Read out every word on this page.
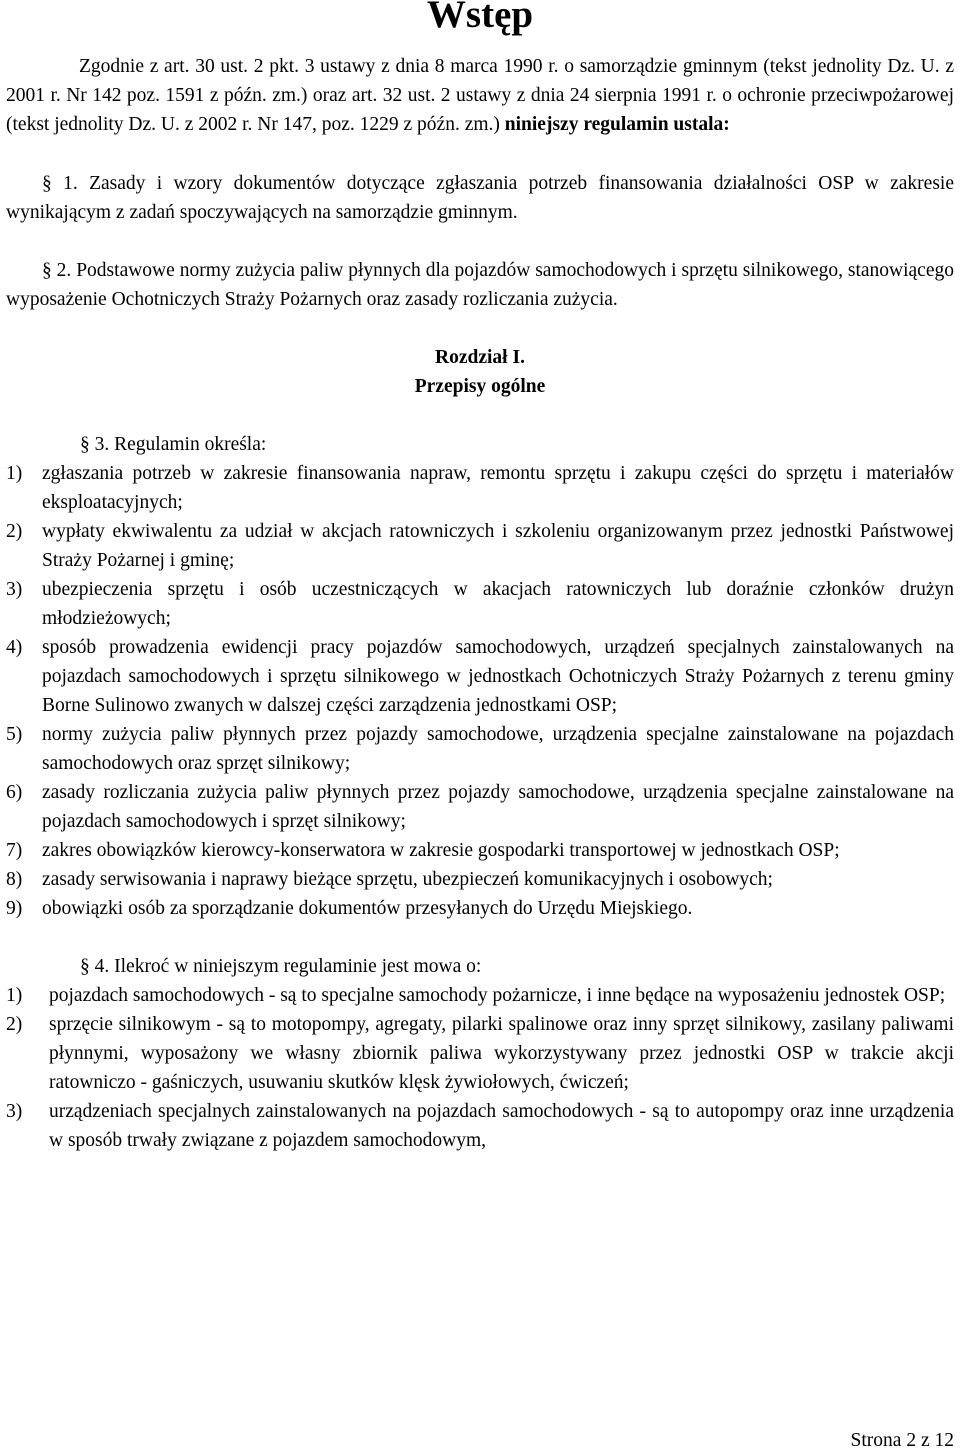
Wstęp

Zgodnie z art. 30 ust. 2 pkt. 3 ustawy z dnia 8 marca 1990 r. o samorządzie gminnym (tekst jednolity Dz. U. z 2001 r. Nr 142 poz. 1591 z późn. zm.) oraz art. 32 ust. 2 ustawy z dnia 24 sierpnia 1991 r. o ochronie przeciwpożarowej (tekst jednolity Dz. U. z 2002 r. Nr 147, poz. 1229 z późn. zm.) niniejszy regulamin ustala:

§ 1. Zasady i wzory dokumentów dotyczące zgłaszania potrzeb finansowania działalności OSP w zakresie wynikającym z zadań spoczywających na samorządzie gminnym.

§ 2. Podstawowe normy zużycia paliw płynnych dla pojazdów samochodowych i sprzętu silnikowego, stanowiącego wyposażenie Ochotniczych Straży Pożarnych oraz zasady rozliczania zużycia.

Rozdział I.
Przepisy ogólne

§ 3. Regulamin określa:

1)	zgłaszania potrzeb w zakresie finansowania napraw, remontu sprzętu i zakupu części do sprzętu i materiałów eksploatacyjnych;
2)	wypłaty ekwiwalentu za udział w akcjach ratowniczych i szkoleniu organizowanym przez jednostki Państwowej Straży Pożarnej i gminę;
3)	ubezpieczenia sprzętu i osób uczestniczących w akacjach ratowniczych lub doraźnie członków drużyn młodzieżowych;
4)	sposób prowadzenia ewidencji pracy pojazdów samochodowych, urządzeń specjalnych zainstalowanych na pojazdach samochodowych i sprzętu silnikowego w jednostkach Ochotniczych Straży Pożarnych z terenu gminy Borne Sulinowo zwanych w dalszej części zarządzenia jednostkami OSP;
5)	normy zużycia paliw płynnych przez pojazdy samochodowe, urządzenia specjalne zainstalowane na pojazdach samochodowych oraz sprzęt silnikowy;
6)	zasady rozliczania zużycia paliw płynnych przez pojazdy samochodowe, urządzenia specjalne zainstalowane na pojazdach samochodowych i sprzęt silnikowy;
7)	zakres obowiązków kierowcy-konserwatora w zakresie gospodarki transportowej w jednostkach OSP;
8)	zasady serwisowania i naprawy bieżące sprzętu, ubezpieczeń komunikacyjnych i osobowych;
9)	obowiązki osób za sporządzanie dokumentów przesyłanych do Urzędu Miejskiego.

§ 4. Ilekroć w niniejszym regulaminie jest mowa o:

1)	pojazdach samochodowych - są to specjalne samochody pożarnicze, i inne będące na wyposażeniu jednostek OSP;
2)	sprzęcie silnikowym - są to motopompy, agregaty, pilarki spalinowe oraz inny sprzęt silnikowy, zasilany paliwami płynnymi, wyposażony we własny zbiornik paliwa wykorzystywany przez jednostki OSP w trakcie akcji ratowniczo - gaśniczych, usuwaniu skutków klęsk żywiołowych, ćwiczeń;
3)	urządzeniach specjalnych zainstalowanych na pojazdach samochodowych - są to autopompy oraz inne urządzenia w sposób trwały związane z pojazdem samochodowym,
Strona 2 z 12
